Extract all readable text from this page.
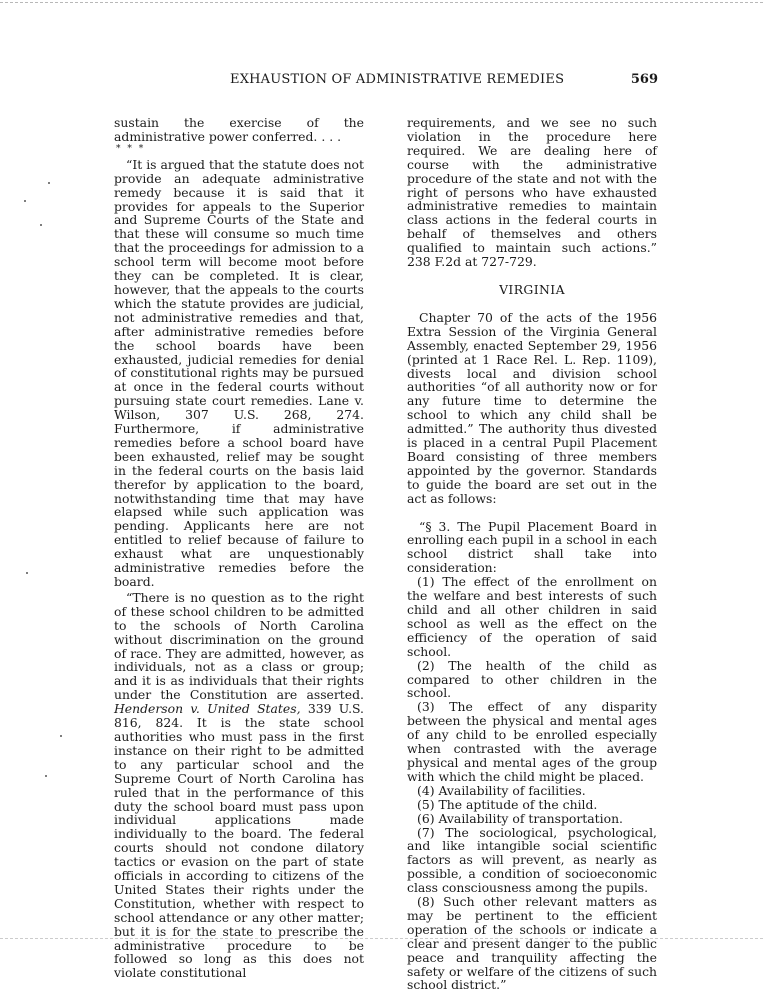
EXHAUSTION OF ADMINISTRATIVE REMEDIES	569

sustain the exercise of the administrative power conferred. . . .

* * *

“It is argued that the statute does not provide an adequate administrative remedy because it is said that it provides for appeals to the Superior and Supreme Courts of the State and that these will consume so much time that the proceedings for admission to a school term will become moot before they can be completed. It is clear, however, that the appeals to the courts which the statute provides are judicial, not administrative remedies and that, after administrative remedies before the school boards have been exhausted, judicial remedies for denial of constitutional rights may be pursued at once in the federal courts without pursuing state court remedies. Lane v. Wilson, 307 U.S. 268, 274. Furthermore, if administrative remedies before a school board have been exhausted, relief may be sought in the federal courts on the basis laid therefor by application to the board, notwithstanding time that may have elapsed while such application was pending. Applicants here are not entitled to relief because of failure to exhaust what are unquestionably administrative remedies before the board.

“There is no question as to the right of these school children to be admitted to the schools of North Carolina without discrimination on the ground of race. They are admitted, however, as individuals, not as a class or group; and it is as individuals that their rights under the Constitution are asserted. Henderson v. United States, 339 U.S. 816, 824. It is the state school authorities who must pass in the first instance on their right to be admitted to any particular school and the Supreme Court of North Carolina has ruled that in the performance of this duty the school board must pass upon individual applications made individually to the board. The federal courts should not condone dilatory tactics or evasion on the part of state officials in according to citizens of the United States their rights under the Constitution, whether with respect to school attendance or any other matter; but it is for the state to prescribe the administrative procedure to be followed so long as this does not violate constitutional

requirements, and we see no such violation in the procedure here required. We are dealing here of course with the administrative procedure of the state and not with the right of persons who have exhausted administrative remedies to maintain class actions in the federal courts in behalf of themselves and others qualified to maintain such actions.” 238 F.2d at 727-729.

VIRGINIA

Chapter 70 of the acts of the 1956 Extra Session of the Virginia General Assembly, enacted September 29, 1956 (printed at 1 Race Rel. L. Rep. 1109), divests local and division school authorities “of all authority now or for any future time to determine the school to which any child shall be admitted.” The authority thus divested is placed in a central Pupil Placement Board consisting of three members appointed by the governor. Standards to guide the board are set out in the act as follows:

“§ 3. The Pupil Placement Board in enrolling each pupil in a school in each school district shall take into consideration:

(1) The effect of the enrollment on the welfare and best interests of such child and all other children in said school as well as the effect on the efficiency of the operation of said school.

(2) The health of the child as compared to other children in the school.

(3) The effect of any disparity between the physical and mental ages of any child to be enrolled especially when contrasted with the average physical and mental ages of the group with which the child might be placed.

(4) Availability of facilities.

(5) The aptitude of the child.

(6) Availability of transportation.

(7) The sociological, psychological, and like intangible social scientific factors as will prevent, as nearly as possible, a condition of socioeconomic class consciousness among the pupils.

(8) Such other relevant matters as may be pertinent to the efficient operation of the schools or indicate a clear and present danger to the public peace and tranquility affecting the safety or welfare of the citizens of such school district.”
